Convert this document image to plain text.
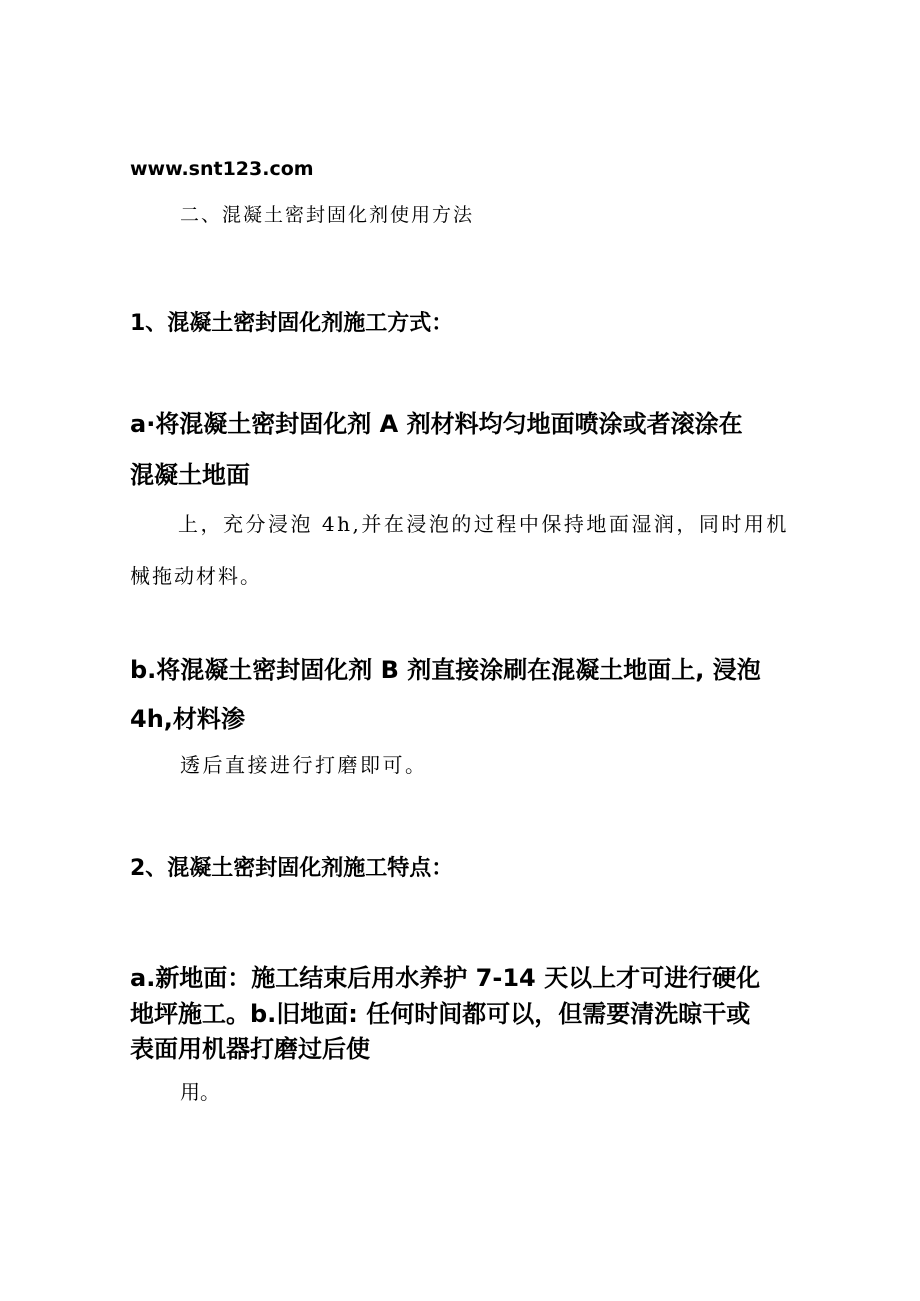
www.snt123.com
二、混凝土密封固化剂使用方法
1、混凝土密封固化剂施工方式：
a·将混凝土密封固化剂 A 剂材料均匀地面喷涂或者滚涂在
混凝土地面
上，充分浸泡 4h,并在浸泡的过程中保持地面湿润，同时用机
械拖动材料。
b.将混凝土密封固化剂 B 剂直接涂刷在混凝土地面上, 浸泡
4h,材料渗
透后直接进行打磨即可。
2、混凝土密封固化剂施工特点：
a.新地面：施工结束后用水养护 7-14 天以上才可进行硬化
地坪施工。b.旧地面: 任何时间都可以，但需要清洗晾干或
表面用机器打磨过后使
用。
